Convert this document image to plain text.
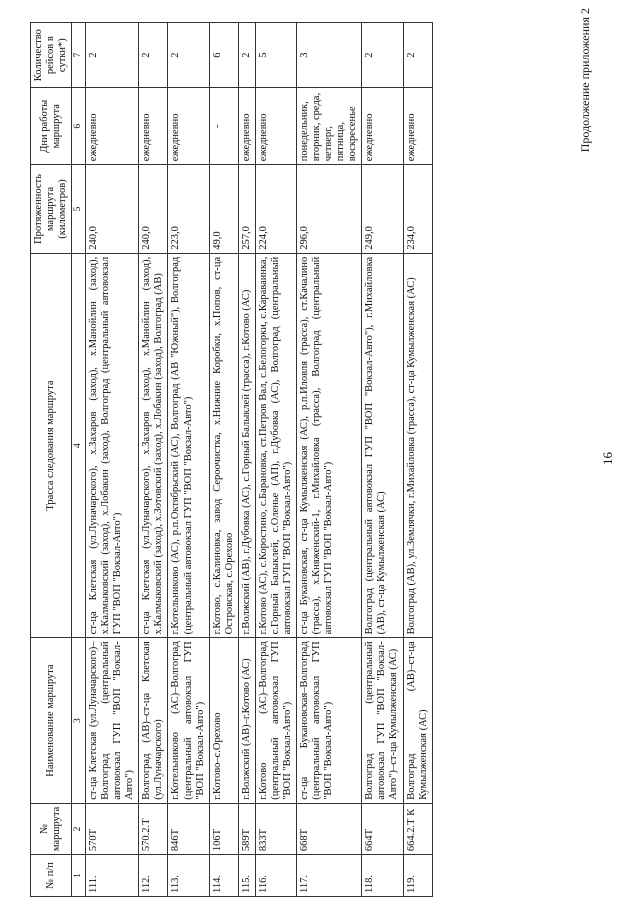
Продолжение приложения 2
16
№ п/п	№ маршрута	Наименование маршрута	Трасса следования маршрута	Протяженность маршрута (километров)	Дни работы маршрута	Количество рейсов в сутки*)
1	2	3	4	5	6	7
111.	570Т	ст-ца Клетская (ул.Луначарского)–Волгоград (центральный автовокзал ГУП "ВОП "Вокзал-Авто")	ст-ца Клетская (ул.Луначарского), х.Захаров (заход), х.Манойлин (заход), х.Калмыковский (заход), х.Лобакин (заход), Волгоград (центральный автовокзал ГУП "ВОП "Вокзал-Авто")	240,0	ежедневно	2
112.	570.2.Т	Волгоград (АВ)–ст-ца Клетская (ул.Луначарского)	ст-ца Клетская (ул.Луначарского), х.Захаров (заход), х.Манойлин (заход), х.Калмыковский (заход), х.Зотовский (заход), х.Лобакин (заход), Волгоград (АВ)	240,0	ежедневно	2
113.	846Т	г.Котельниково (АС)–Волгоград (центральный автовокзал ГУП "ВОП "Вокзал-Авто")	г.Котельниково (АС), р.п.Октябрьский (АС), Волгоград (АВ "Южный"), Волгоград (центральный автовокзал ГУП "ВОП "Вокзал-Авто")	223,0	ежедневно	2
114.	106Т	г.Котово–с.Орехово	г.Котово, с.Калиновка, завод Сероочистка, х.Нижние Коробки, х.Попов, ст-ца Островская, с.Орехово	49,0	-	6
115.	589Т	г.Волжский (АВ)–г.Котово (АС)	г.Волжский (АВ), г.Дубовка (АС), с.Горный Балыклей (трасса), г.Котово (АС)	257,0	ежедневно	2
116.	833Т	г.Котово (АС)–Волгоград (центральный автовокзал ГУП "ВОП "Вокзал-Авто")	г.Котово (АС), с.Коростино, с.Барановка, ст.Петров Вал, с.Белогорки, с.Караваинка, с.Горный Балыклей, с.Оленье (АП), г.Дубовка (АС), Волгоград (центральный автовокзал ГУП "ВОП "Вокзал-Авто")	224,0	ежедневно	5
117.	668Т	ст-ца Букановская–Волгоград (центральный автовокзал ГУП "ВОП "Вокзал-Авто")	ст-ца Букановская, ст-ца Кумылженская (АС), р.п.Иловля (трасса), ст.Качалино (трасса), х.Княженский-1, г.Михайловка (трасса), Волгоград (центральный автовокзал ГУП "ВОП "Вокзал-Авто")	296,0	понедельник, вторник, среда, четверг, пятница, воскресенье	3
118.	664Т	Волгоград (центральный автовокзал ГУП "ВОП "Вокзал-Авто")–ст-ца Кумылженская (АС)	Волгоград (центральный автовокзал ГУП "ВОП "Вокзал-Авто"), г.Михайловка (АВ), ст-ца Кумылженская (АС)	249,0	ежедневно	2
119.	664.2.Т К	Волгоград (АВ)–ст-ца Кумылженская (АС)	Волгоград (АВ), ул.Землячки, г.Михайловка (трасса), ст-ца Кумылженская (АС)	234,0	ежедневно	2
